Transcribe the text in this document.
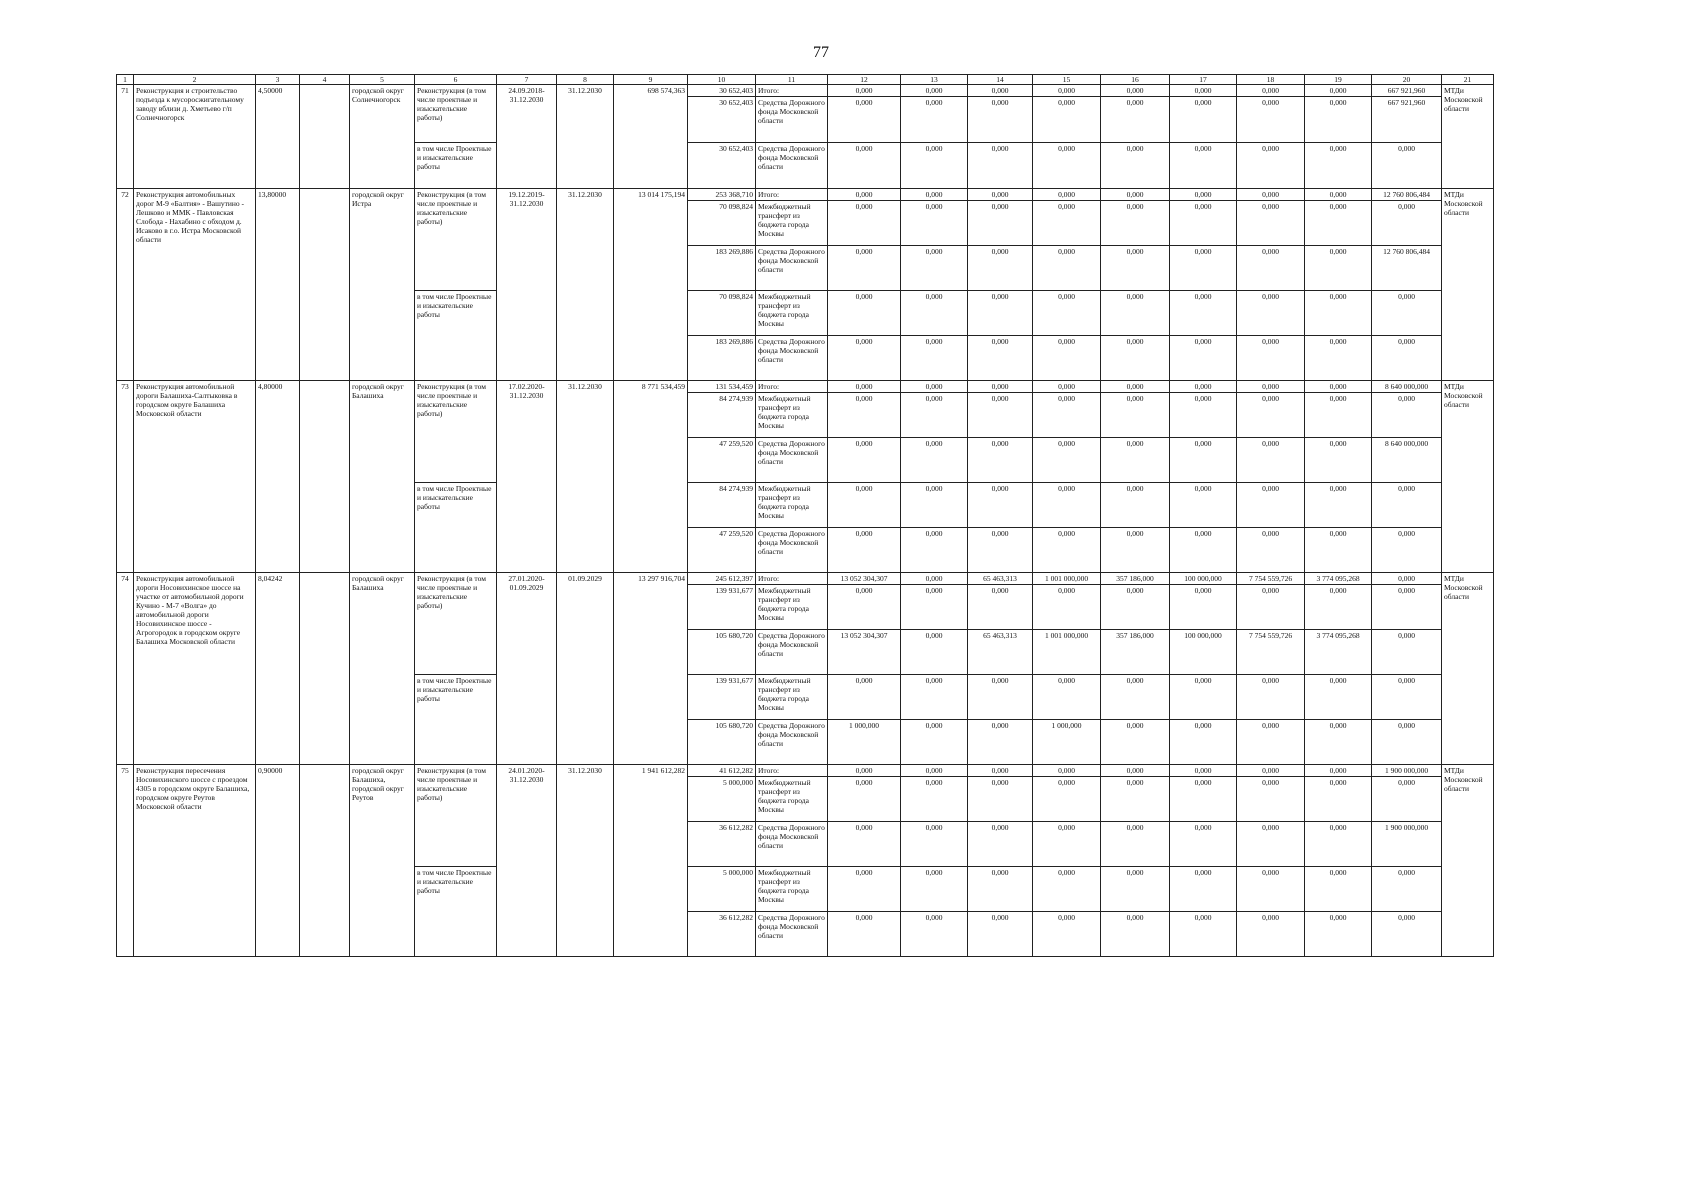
77
1	2	3	4	5	6	7	8	9	10	11	12	13	14	15	16	17	18	19	20	21
71	Реконструкция и строительство подъезда к мусоросжигательному заводу вблизи д. Хметьево г/п Солнечногорск	4,50000		городской округ Солнечногорск	Реконструкция (в том числе проектные и изыскательские работы)	24.09.2018-31.12.2030	31.12.2030	698 574,363	30 652,403	Итого:	0,000	0,000	0,000	0,000	0,000	0,000	0,000	0,000	667 921,960	МТДи Московской области
									30 652,403	Средства Дорожного фонда Московской области	0,000	0,000	0,000	0,000	0,000	0,000	0,000	0,000	667 921,960	
					в том числе Проектные и изыскательские работы				30 652,403	Средства Дорожного фонда Московской области	0,000	0,000	0,000	0,000	0,000	0,000	0,000	0,000	0,000	
72	Реконструкция автомобильных дорог М-9 «Балтия» - Вашутино - Лешково и ММК - Павловская Слобода - Нахабино с обходом д. Исаково в г.о. Истра Московской области	13,80000		городской округ Истра	Реконструкция (в том числе проектные и изыскательские работы)	19.12.2019-31.12.2030	31.12.2030	13 014 175,194	253 368,710	Итого:	0,000	0,000	0,000	0,000	0,000	0,000	0,000	0,000	12 760 806,484	МТДи Московской области
									70 098,824	Межбюджетный трансферт из бюджета города Москвы	0,000	0,000	0,000	0,000	0,000	0,000	0,000	0,000	0,000	
									183 269,886	Средства Дорожного фонда Московской области	0,000	0,000	0,000	0,000	0,000	0,000	0,000	0,000	12 760 806,484	
					в том числе Проектные и изыскательские работы				70 098,824	Межбюджетный трансферт из бюджета города Москвы	0,000	0,000	0,000	0,000	0,000	0,000	0,000	0,000	0,000	
									183 269,886	Средства Дорожного фонда Московской области	0,000	0,000	0,000	0,000	0,000	0,000	0,000	0,000	0,000	
73	Реконструкция автомобильной дороги Балашиха-Салтыковка в городском округе Балашиха Московской области	4,80000		городской округ Балашиха	Реконструкция (в том числе проектные и изыскательские работы)	17.02.2020-31.12.2030	31.12.2030	8 771 534,459	131 534,459	Итого:	0,000	0,000	0,000	0,000	0,000	0,000	0,000	0,000	8 640 000,000	МТДи Московской области
									84 274,939	Межбюджетный трансферт из бюджета города Москвы	0,000	0,000	0,000	0,000	0,000	0,000	0,000	0,000	0,000	
									47 259,520	Средства Дорожного фонда Московской области	0,000	0,000	0,000	0,000	0,000	0,000	0,000	0,000	8 640 000,000	
					в том числе Проектные и изыскательские работы				84 274,939	Межбюджетный трансферт из бюджета города Москвы	0,000	0,000	0,000	0,000	0,000	0,000	0,000	0,000	0,000	
									47 259,520	Средства Дорожного фонда Московской области	0,000	0,000	0,000	0,000	0,000	0,000	0,000	0,000	0,000	
74	Реконструкция автомобильной дороги Носовихинское шоссе на участке от автомобильной дороги Кучино - М-7 «Волга» до автомобильной дороги Носовихинское шоссе - Агрогородок в городском округе Балашиха Московской области	8,04242		городской округ Балашиха	Реконструкция (в том числе проектные и изыскательские работы)	27.01.2020-01.09.2029	01.09.2029	13 297 916,704	245 612,397	Итого:	13 052 304,307	0,000	65 463,313	1 001 000,000	357 186,000	100 000,000	7 754 559,726	3 774 095,268	0,000	МТДи Московской области
									139 931,677	Межбюджетный трансферт из бюджета города Москвы	0,000	0,000	0,000	0,000	0,000	0,000	0,000	0,000	0,000	
									105 680,720	Средства Дорожного фонда Московской области	13 052 304,307	0,000	65 463,313	1 001 000,000	357 186,000	100 000,000	7 754 559,726	3 774 095,268	0,000	
					в том числе Проектные и изыскательские работы				139 931,677	Межбюджетный трансферт из бюджета города Москвы	0,000	0,000	0,000	0,000	0,000	0,000	0,000	0,000	0,000	
									105 680,720	Средства Дорожного фонда Московской области	1 000,000	0,000	0,000	1 000,000	0,000	0,000	0,000	0,000	0,000	
75	Реконструкция пересечения Носовихинского шоссе с проездом 4305 в городском округе Балашиха, городском округе Реутов Московской области	0,90000		городской округ Балашиха, городской округ Реутов	Реконструкция (в том числе проектные и изыскательские работы)	24.01.2020-31.12.2030	31.12.2030	1 941 612,282	41 612,282	Итого:	0,000	0,000	0,000	0,000	0,000	0,000	0,000	0,000	1 900 000,000	МТДи Московской области
									5 000,000	Межбюджетный трансферт из бюджета города Москвы	0,000	0,000	0,000	0,000	0,000	0,000	0,000	0,000	0,000	
									36 612,282	Средства Дорожного фонда Московской области	0,000	0,000	0,000	0,000	0,000	0,000	0,000	0,000	1 900 000,000	
					в том числе Проектные и изыскательские работы				5 000,000	Межбюджетный трансферт из бюджета города Москвы	0,000	0,000	0,000	0,000	0,000	0,000	0,000	0,000	0,000	
									36 612,282	Средства Дорожного фонда Московской области	0,000	0,000	0,000	0,000	0,000	0,000	0,000	0,000	0,000	
